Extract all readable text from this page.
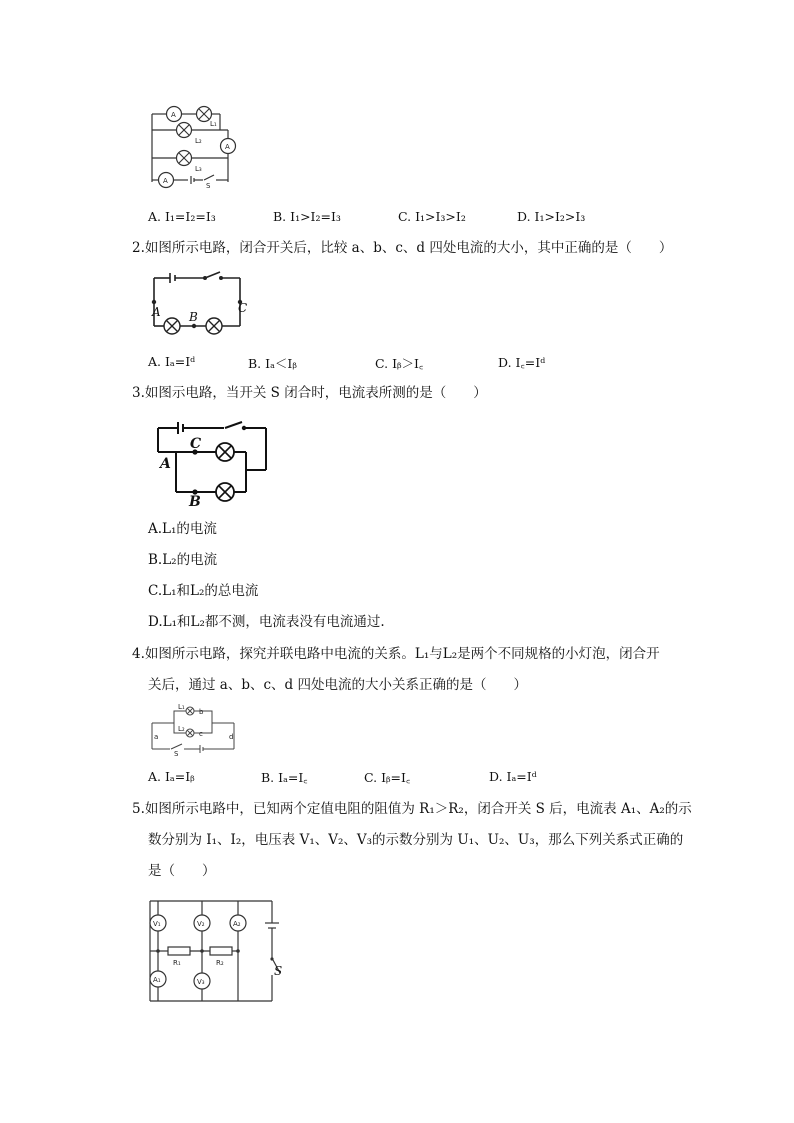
A
L₁
L₂
A
L₃
A
S
A. I₁=I₂=I₃	B. I₁>I₂=I₃	C. I₁>I₃>I₂	D. I₁>I₂>I₃
2.如图所示电路，闭合开关后，比较 a、b、c、d 四处电流的大小，其中正确的是（　　）
A B
C
A. Iₐ=Iᵈ	B. Iₐ＜Iᵦ	C. Iᵦ＞I꜀	D. I꜀=Iᵈ
3.如图示电路，当开关 S 闭合时，电流表所测的是（　　）
A
C
B
A.L₁的电流
B.L₂的电流
C.L₁和L₂的总电流
D.L₁和L₂都不测，电流表没有电流通过.
4.如图所示电路，探究并联电路中电流的关系。L₁与L₂是两个不同规格的小灯泡，闭合开
关后，通过 a、b、c、d 四处电流的大小关系正确的是（　　）
L₁
L₂
b
c
a	d
S
A. Iₐ=Iᵦ	B. Iₐ=I꜀	C. Iᵦ=I꜀	D. Iₐ=Iᵈ
5.如图所示电路中，已知两个定值电阻的阻值为 R₁＞R₂，闭合开关 S 后，电流表 A₁、A₂的示
数分别为 I₁、I₂，电压表 V₁、V₂、V₃的示数分别为 U₁、U₂、U₃，那么下列关系式正确的
是（　　）
V₁	V₂	A₂
A₁	V₃
R₁	R₂
S
